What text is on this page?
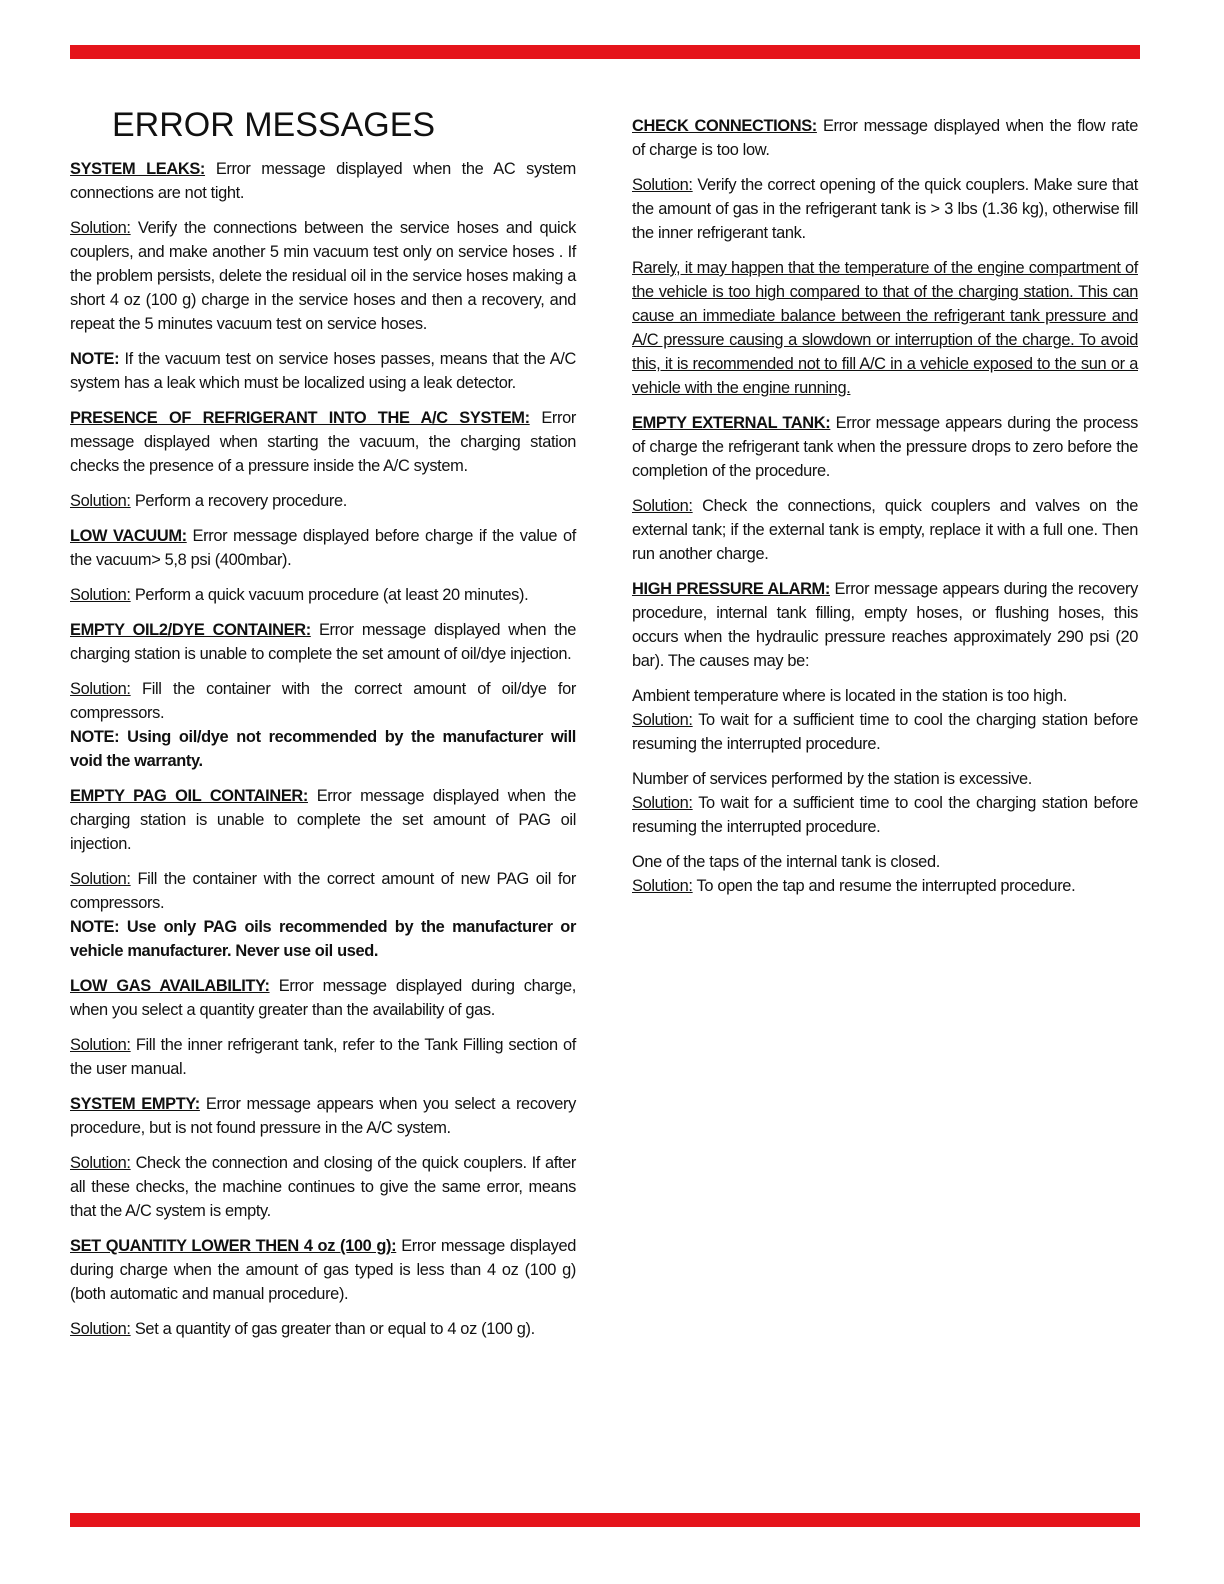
ERROR MESSAGES

SYSTEM LEAKS: Error message displayed when the AC system connections are not tight.

Solution: Verify the connections between the service hoses and quick couplers, and make another 5 min vacuum test only on service hoses . If the problem persists, delete the residual oil in the service hoses making a short 4 oz (100 g) charge in the service hoses and then a recovery, and repeat the 5 minutes vacuum test on service hoses.

NOTE: If the vacuum test on service hoses passes, means that the A/C system has a leak which must be localized using a leak detector.

PRESENCE OF REFRIGERANT INTO THE A/C SYSTEM: Error message displayed when starting the vacuum, the charging station checks the presence of a pressure inside the A/C system.

Solution: Perform a recovery procedure.

LOW VACUUM: Error message displayed before charge if the value of the vacuum> 5,8 psi (400mbar).

Solution: Perform a quick vacuum procedure (at least 20 minutes).

EMPTY OIL2/DYE CONTAINER: Error message displayed when the charging station is unable to complete the set amount of oil/dye injection.

Solution: Fill the container with the correct amount of oil/dye for compressors.

NOTE: Using oil/dye not recommended by the manufacturer will void the warranty.

EMPTY PAG OIL CONTAINER: Error message displayed when the charging station is unable to complete the set amount of PAG oil injection.

Solution: Fill the container with the correct amount of new PAG oil for compressors.

NOTE: Use only PAG oils recommended by the manufacturer or vehicle manufacturer. Never use oil used.

LOW GAS AVAILABILITY: Error message displayed during charge, when you select a quantity greater than the availability of gas.

Solution: Fill the inner refrigerant tank, refer to the Tank Filling section of the user manual.

SYSTEM EMPTY: Error message appears when you select a recovery procedure, but is not found pressure in the A/C system.

Solution: Check the connection and closing of the quick couplers. If after all these checks, the machine continues to give the same error, means that the A/C system is empty.

SET QUANTITY LOWER THEN 4 oz (100 g): Error message displayed during charge when the amount of gas typed is less than 4 oz (100 g) (both automatic and manual procedure).

Solution: Set a quantity of gas greater than or equal to 4 oz (100 g).

CHECK CONNECTIONS: Error message displayed when the flow rate of charge is too low.

Solution: Verify the correct opening of the quick couplers. Make sure that the amount of gas in the refrigerant tank is > 3 lbs (1.36 kg), otherwise fill the inner refrigerant tank.

Rarely, it may happen that the temperature of the engine compartment of the vehicle is too high compared to that of the charging station. This can cause an immediate balance between the refrigerant tank pressure and A/C pressure causing a slowdown or interruption of the charge. To avoid this, it is recommended not to fill A/C in a vehicle exposed to the sun or a vehicle with the engine running.

EMPTY EXTERNAL TANK: Error message appears during the process of charge the refrigerant tank when the pressure drops to zero before the completion of the procedure.

Solution: Check the connections, quick couplers and valves on the external tank; if the external tank is empty, replace it with a full one. Then run another charge.

HIGH PRESSURE ALARM: Error message appears during the recovery procedure, internal tank filling, empty hoses, or flushing hoses, this occurs when the hydraulic pressure reaches approximately 290 psi (20 bar). The causes may be:

Ambient temperature where is located in the station is too high.
Solution: To wait for a sufficient time to cool the charging station before resuming the interrupted procedure.

Number of services performed by the station is excessive.
Solution: To wait for a sufficient time to cool the charging station before resuming the interrupted procedure.

One of the taps of the internal tank is closed.
Solution: To open the tap and resume the interrupted procedure.
